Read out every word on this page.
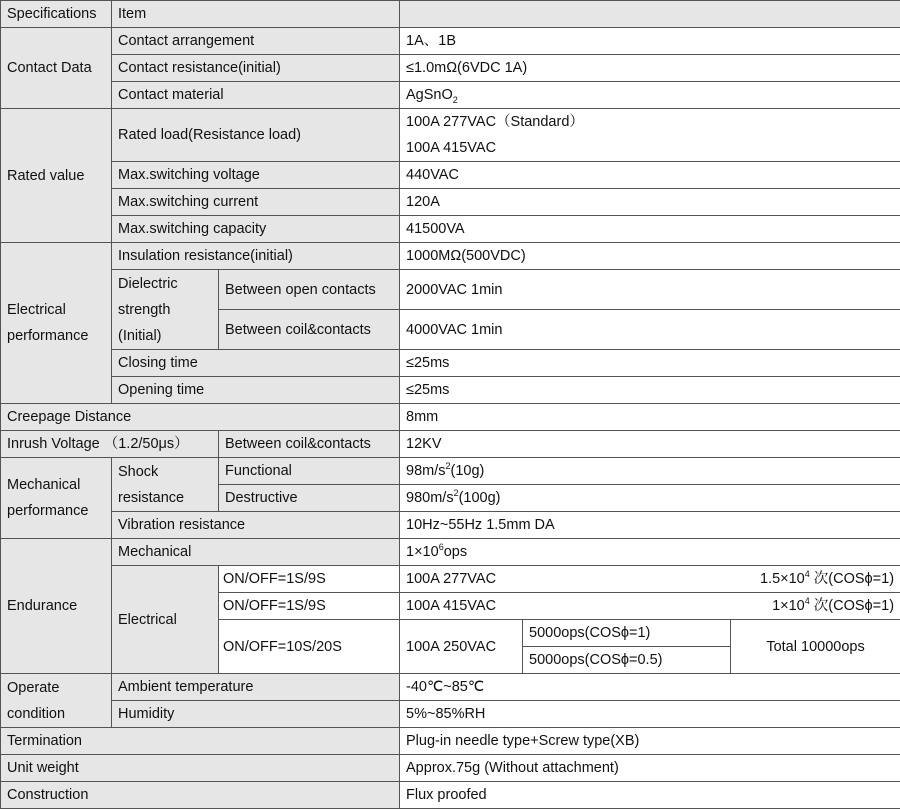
Specifications	Item				
Contact Data	Contact arrangement		1A、1B		
	Contact resistance(initial)		≤1.0mΩ(6VDC 1A)		
	Contact material		AgSnO$_2$
Rated value	Rated load(Resistance load)		100A 277VAC（Standard）		
			100A 415VAC		
	Max.switching voltage		440VAC		
	Max.switching current		120A		
	Max.switching capacity		41500VA		
Electrical performance	Insulation resistance(initial)		1000MΩ(500VDC)		
	Dielectric strength (Initial)	Between open contacts	2000VAC 1min		
		Between coil&contacts	4000VAC 1min		
	Closing time		≤25ms		
	Opening time		≤25ms		
Creepage Distance			8mm		
Inrush Voltage （1.2/50μs）		Between coil&contacts	12KV		
Mechanical performance	Shock resistance	Functional	$98m/s^2(10g)$		
		Destructive	$980m/s^2(100g)$		
	Vibration resistance		10Hz~55Hz 1.5mm DA		
Endurance	Mechanical		$1\times 10^6ops$		
	Electrical	ON/OFF=1S/9S	100A 277VAC	$1.5\times 10^4$ 次(COSϕ=1)	
		ON/OFF=1S/9S	100A 415VAC	$1\times 10^4$ 次(COSϕ=1)	
		ON/OFF=10S/20S	100A 250VAC	5000ops(COSϕ=1)	Total 10000ops
				5000ops(COSϕ=0.5)	
Operate condition	Ambient temperature		-40℃~85℃		
	Humidity		5%~85%RH		
Termination			Plug-in needle type+Screw type(XB)		
Unit weight			Approx.75g (Without attachment)		
Construction			Flux proofed		
